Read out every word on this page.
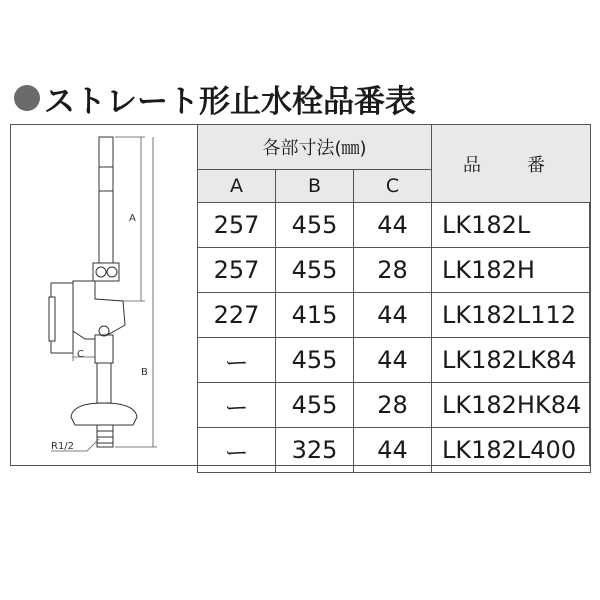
ストレート形止水栓品番表
A
B
C
R1/2
各部寸法(㎜)			品　番
A	B	C	
257	455	44	LK182L
257	455	28	LK182H
227	415	44	LK182L112
ー	455	44	LK182LK84
ー	455	28	LK182HK84
ー	325	44	LK182L400
